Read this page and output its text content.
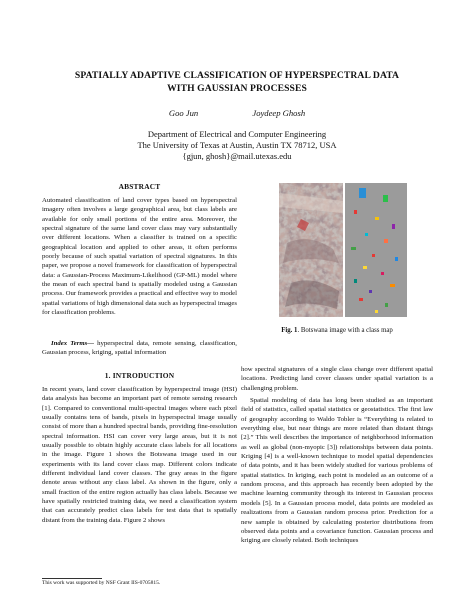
SPATIALLY ADAPTIVE CLASSIFICATION OF HYPERSPECTRAL DATA
WITH GAUSSIAN PROCESSES
Goo Jun	Joydeep Ghosh
Department of Electrical and Computer Engineering
The University of Texas at Austin, Austin TX 78712, USA
{gjun, ghosh}@mail.utexas.edu
ABSTRACT

Automated classification of land cover types based on hyperspectral imagery often involves a large geographical area, but class labels are available for only small portions of the entire area. Moreover, the spectral signature of the same land cover class may vary substantially over different locations. When a classifier is trained on a specific geographical location and applied to other areas, it often performs poorly because of such spatial variation of spectral signatures. In this paper, we propose a novel framework for classification of hyperspectral data: a Gaussian-Process Maximum-Likelihood (GP-ML) model where the mean of each spectral band is spatially modeled using a Gaussian process. Our framework provides a practical and effective way to model spatial variations of high dimensional data such as hyperspectral images for classification problems.

Index Terms— hyperspectral data, remote sensing, classification, Gaussian process, kriging, spatial information

1. INTRODUCTION

In recent years, land cover classification by hyperspectral image (HSI) data analysis has become an important part of remote sensing research [1]. Compared to conventional multi-spectral images where each pixel usually contains tens of bands, pixels in hyperspectral image usually consist of more than a hundred spectral bands, providing fine-resolution spectral information. HSI can cover very large areas, but it is not usually possible to obtain highly accurate class labels for all locations in the image. Figure 1 shows the Botswana image used in our experiments with its land cover class map. Different colors indicate different individual land cover classes. The gray areas in the figure denote areas without any class label. As shown in the figure, only a small fraction of the entire region actually has class labels. Because we have spatially restricted training data, we need a classification system that can accurately predict class labels for test data that is spatially distant from the training data. Figure 2 shows

This work was supported by NSF Grant IIS-0705815.
Fig. 1. Botswana image with a class map

how spectral signatures of a single class change over different spatial locations. Predicting land cover classes under spatial variation is a challenging problem.

Spatial modeling of data has long been studied as an important field of statistics, called spatial statistics or geostatistics. The first law of geography according to Waldo Tobler is “Everything is related to everything else, but near things are more related than distant things [2].” This well describes the importance of neighborhood information as well as global (non-myopic [3]) relationships between data points. Kriging [4] is a well-known technique to model spatial dependencies of data points, and it has been widely studied for various problems of spatial statistics. In kriging, each point is modeled as an outcome of a random process, and this approach has recently been adopted by the machine learning community through its interest in Gaussian process models [5]. In a Gaussian process model, data points are modeled as realizations from a Gaussian random process prior. Prediction for a new sample is obtained by calculating posterior distributions from observed data points and a covariance function. Gaussian process and kriging are closely related. Both techniques
